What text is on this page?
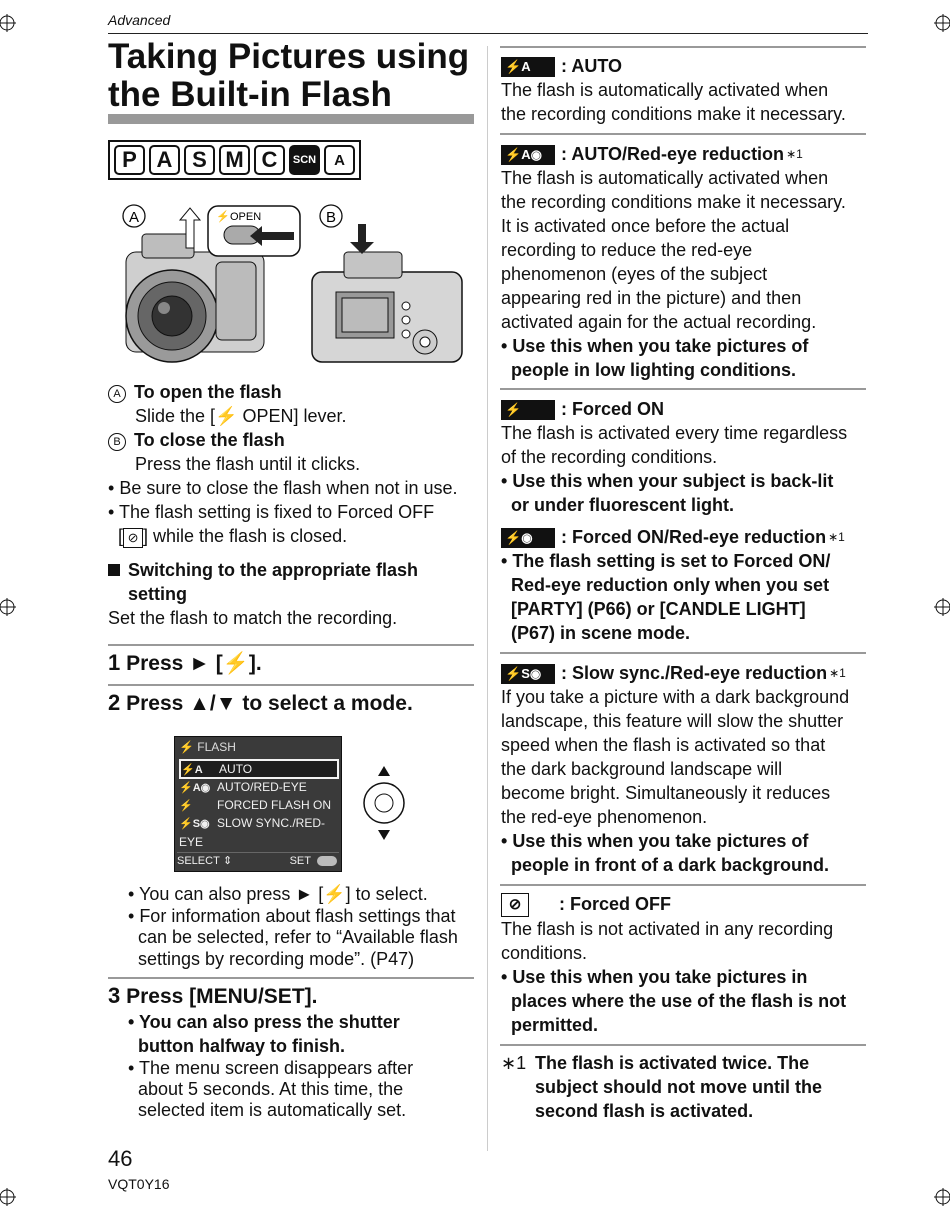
Advanced
Taking Pictures using the Built-in Flash
P A S M C	SCN	A
A	B
⚡ OPEN
A To open the flash
Slide the [⚡ OPEN] lever.
B To close the flash
Press the flash until it clicks.
• Be sure to close the flash when not in use.
• The flash setting is fixed to Forced OFF
[ ⊘ ] while the flash is closed.
Switching to the appropriate flash
setting
Set the flash to match the recording.
1 Press ► [⚡].
2 Press ▲/▼ to select a mode.
⚡ FLASH
⚡A AUTO
⚡A◉ AUTO/RED-EYE
⚡ FORCED FLASH ON
⚡S◉ SLOW SYNC./RED-EYE
SELECT ⇕	SET
• You can also press ► [⚡] to select.
• For information about flash settings that
can be selected, refer to “Available flash
settings by recording mode”. (P47)
3 Press [MENU/SET].
• You can also press the shutter
button halfway to finish.
• The menu screen disappears after
about 5 seconds. At this time, the
selected item is automatically set.
46
VQT0Y16
⚡A : AUTO
The flash is automatically activated when
the recording conditions make it necessary.
⚡A◉ : AUTO/Red-eye reduction $^{∗1}$
The flash is automatically activated when
the recording conditions make it necessary.
It is activated once before the actual
recording to reduce the red-eye
phenomenon (eyes of the subject
appearing red in the picture) and then
activated again for the actual recording.
• Use this when you take pictures of
people in low lighting conditions.
⚡ : Forced ON
The flash is activated every time regardless
of the recording conditions.
• Use this when your subject is back-lit
or under fluorescent light.
⚡◉ : Forced ON/Red-eye reduction $^{∗1}$
• The flash setting is set to Forced ON/
Red-eye reduction only when you set
[PARTY] (P66) or [CANDLE LIGHT]
(P67) in scene mode.
⚡S◉ : Slow sync./Red-eye reduction $^{∗1}$
If you take a picture with a dark background
landscape, this feature will slow the shutter
speed when the flash is activated so that
the dark background landscape will
become bright. Simultaneously it reduces
the red-eye phenomenon.
• Use this when you take pictures of
people in front of a dark background.
⊘ : Forced OFF
The flash is not activated in any recording
conditions.
• Use this when you take pictures in
places where the use of the flash is not
permitted.
∗1 The flash is activated twice. The
subject should not move until the
second flash is activated.
